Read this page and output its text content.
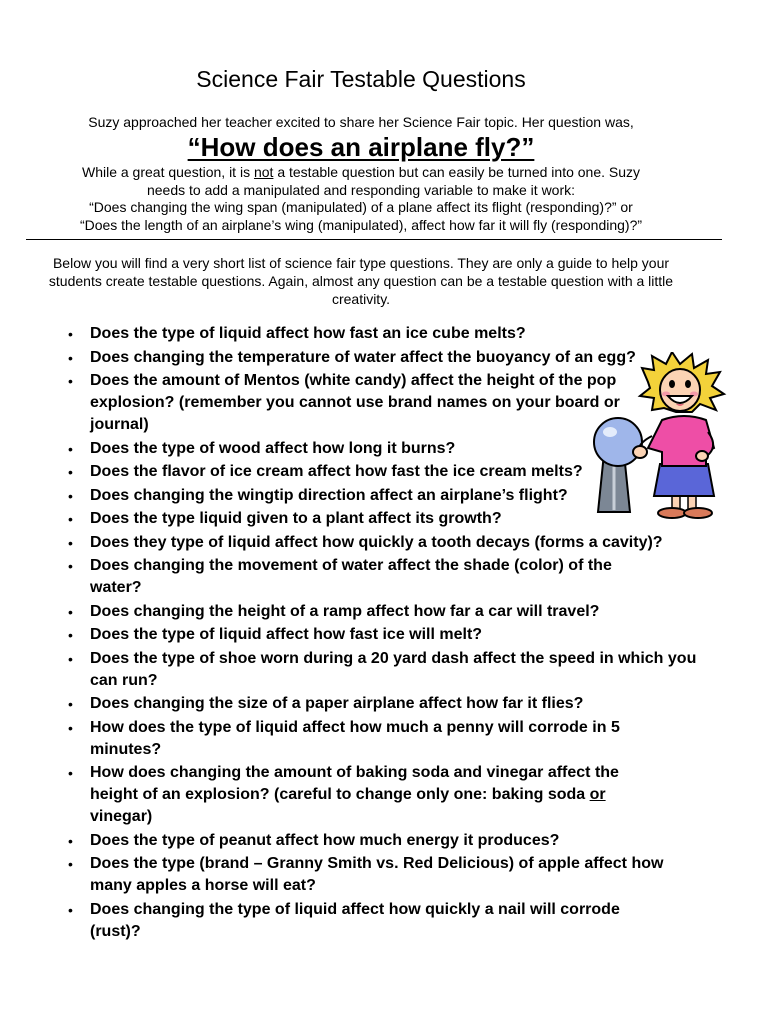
Science Fair Testable Questions

Suzy approached her teacher excited to share her Science Fair topic. Her question was,

“How does an airplane fly?”

While a great question, it is not a testable question but can easily be turned into one. Suzy
needs to add a manipulated and responding variable to make it work:
“Does changing the wing span (manipulated) of a plane affect its flight (responding)?” or
“Does the length of an airplane’s wing (manipulated), affect how far it will fly (responding)?”

Below you will find a very short list of science fair type questions. They are only a guide to help your students create testable questions. Again, almost any question can be a testable question with a little creativity.

• Does the type of liquid affect how fast an ice cube melts?
• Does changing the temperature of water affect the buoyancy of an egg?
• Does the amount of Mentos (white candy) affect the height of the pop explosion? (remember you cannot use brand names on your board or journal)
• Does the type of wood affect how long it burns?
• Does the flavor of ice cream affect how fast the ice cream melts?
• Does changing the wingtip direction affect an airplane’s flight?
• Does the type liquid given to a plant affect its growth?
• Does they type of liquid affect how quickly a tooth decays (forms a cavity)?
• Does changing the movement of water affect the shade (color) of the water?
• Does changing the height of a ramp affect how far a car will travel?
• Does the type of liquid affect how fast ice will melt?
• Does the type of shoe worn during a 20 yard dash affect the speed in which you can run?
• Does changing the size of a paper airplane affect how far it flies?
• How does the type of liquid affect how much a penny will corrode in 5 minutes?
• How does changing the amount of baking soda and vinegar affect the height of an explosion? (careful to change only one: baking soda or vinegar)
• Does the type of peanut affect how much energy it produces?
• Does the type (brand – Granny Smith vs. Red Delicious) of apple affect how many apples a horse will eat?
• Does changing the type of liquid affect how quickly a nail will corrode (rust)?
